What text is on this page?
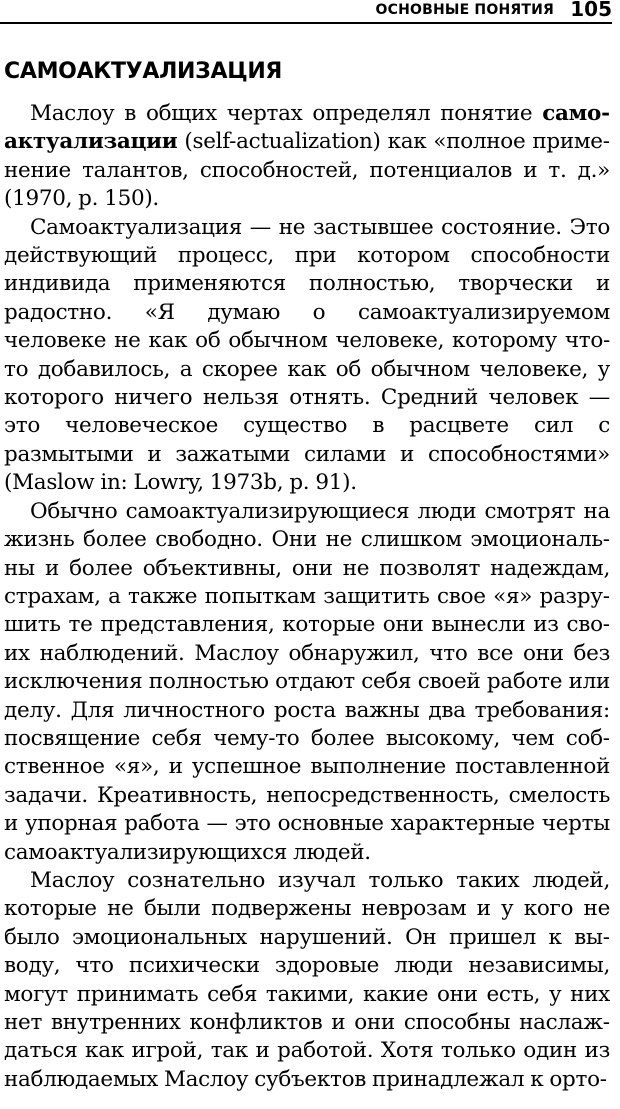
ОСНОВНЫЕ ПОНЯТИЯ 105
САМОАКТУАЛИЗАЦИЯ

Маслоу в общих чертах определял понятие самоактуализации (self-actualization) как «полное применение талантов, способностей, потенциалов и т. д.» (1970, р. 150).

Самоактуализация — не застывшее состояние. Это действующий процесс, при котором способности индивида применяются полностью, творчески и радостно. «Я думаю о самоактуализируемом человеке не как об обычном человеке, которому что-то добавилось, а скорее как об обычном человеке, у которого ничего нельзя отнять. Средний человек — это человеческое существо в расцвете сил с размытыми и зажатыми силами и способностями» (Maslow in: Lowry, 1973b, р. 91).

Обычно самоактуализирующиеся люди смотрят на жизнь более свободно. Они не слишком эмоциональны и более объективны, они не позволят надеждам, страхам, а также попыткам защитить свое «я» разрушить те представления, которые они вынесли из своих наблюдений. Маслоу обнаружил, что все они без исключения полностью отдают себя своей работе или делу. Для личностного роста важны два требования: посвящение себя чему-то более высокому, чем собственное «я», и успешное выполнение поставленной задачи. Креативность, непосредственность, смелость и упорная работа — это основные характерные черты самоактуализирующихся людей.

Маслоу сознательно изучал только таких людей, которые не были подвержены неврозам и у кого не было эмоциональных нарушений. Он пришел к выводу, что психически здоровые люди независимы, могут принимать себя такими, какие они есть, у них нет внутренних конфликтов и они способны наслаждаться как игрой, так и работой. Хотя только один из наблюдаемых Маслоу субъектов принадлежал к орто-
